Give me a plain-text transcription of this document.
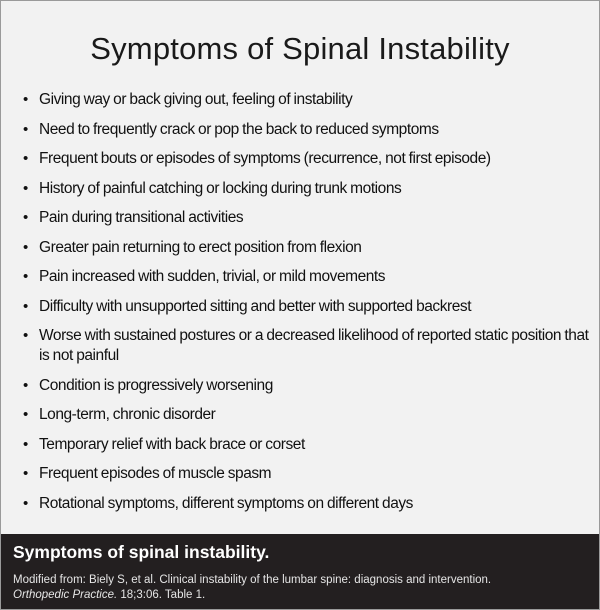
Symptoms of Spinal Instability
• Giving way or back giving out, feeling of instability
• Need to frequently crack or pop the back to reduced symptoms
• Frequent bouts or episodes of symptoms (recurrence, not first episode)
• History of painful catching or locking during trunk motions
• Pain during transitional activities
• Greater pain returning to erect position from flexion
• Pain increased with sudden, trivial, or mild movements
• Difficulty with unsupported sitting and better with supported backrest
• Worse with sustained postures or a decreased likelihood of reported static position that is not painful
• Condition is progressively worsening
• Long-term, chronic disorder
• Temporary relief with back brace or corset
• Frequent episodes of muscle spasm
• Rotational symptoms, different symptoms on different days

Symptoms of spinal instability.

Modified from: Biely S, et al. Clinical instability of the lumbar spine: diagnosis and intervention.
Orthopedic Practice. 18;3:06. Table 1.
